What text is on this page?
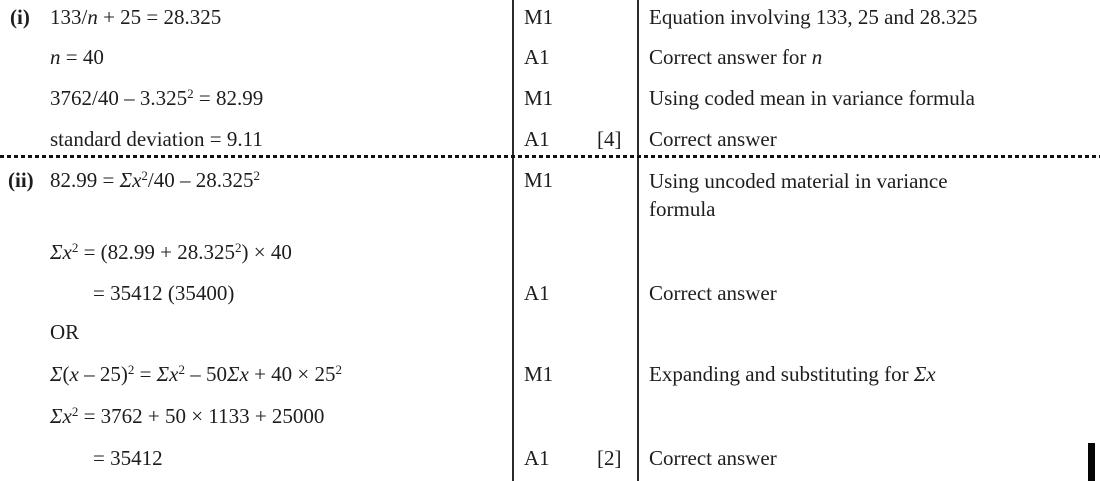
(i) 133/n + 25 = 28.325
n = 40
$3762/40 - 3.325^2 = 82.99$
standard deviation = 9.11
M1
A1
M1
A1 [4]
Equation involving 133, 25 and 28.325
Correct answer for n
Using coded mean in variance formula
Correct answer
(ii) $82.99 = \Sigma x^2/40 - 28.325^2$
$\Sigma x^2 = (82.99 + 28.325^2) \times 40$
= 35412 (35400)
OR
$\Sigma(x - 25)^2 = \Sigma x^2 - 50\Sigma x + 40 \times 25^2$
$\Sigma x^2 = 3762 + 50 \times 1133 + 25000$
= 35412
M1
A1
M1
A1 [2]
Using uncoded material in variance
formula
Correct answer
Expanding and substituting for Σx
Correct answer
